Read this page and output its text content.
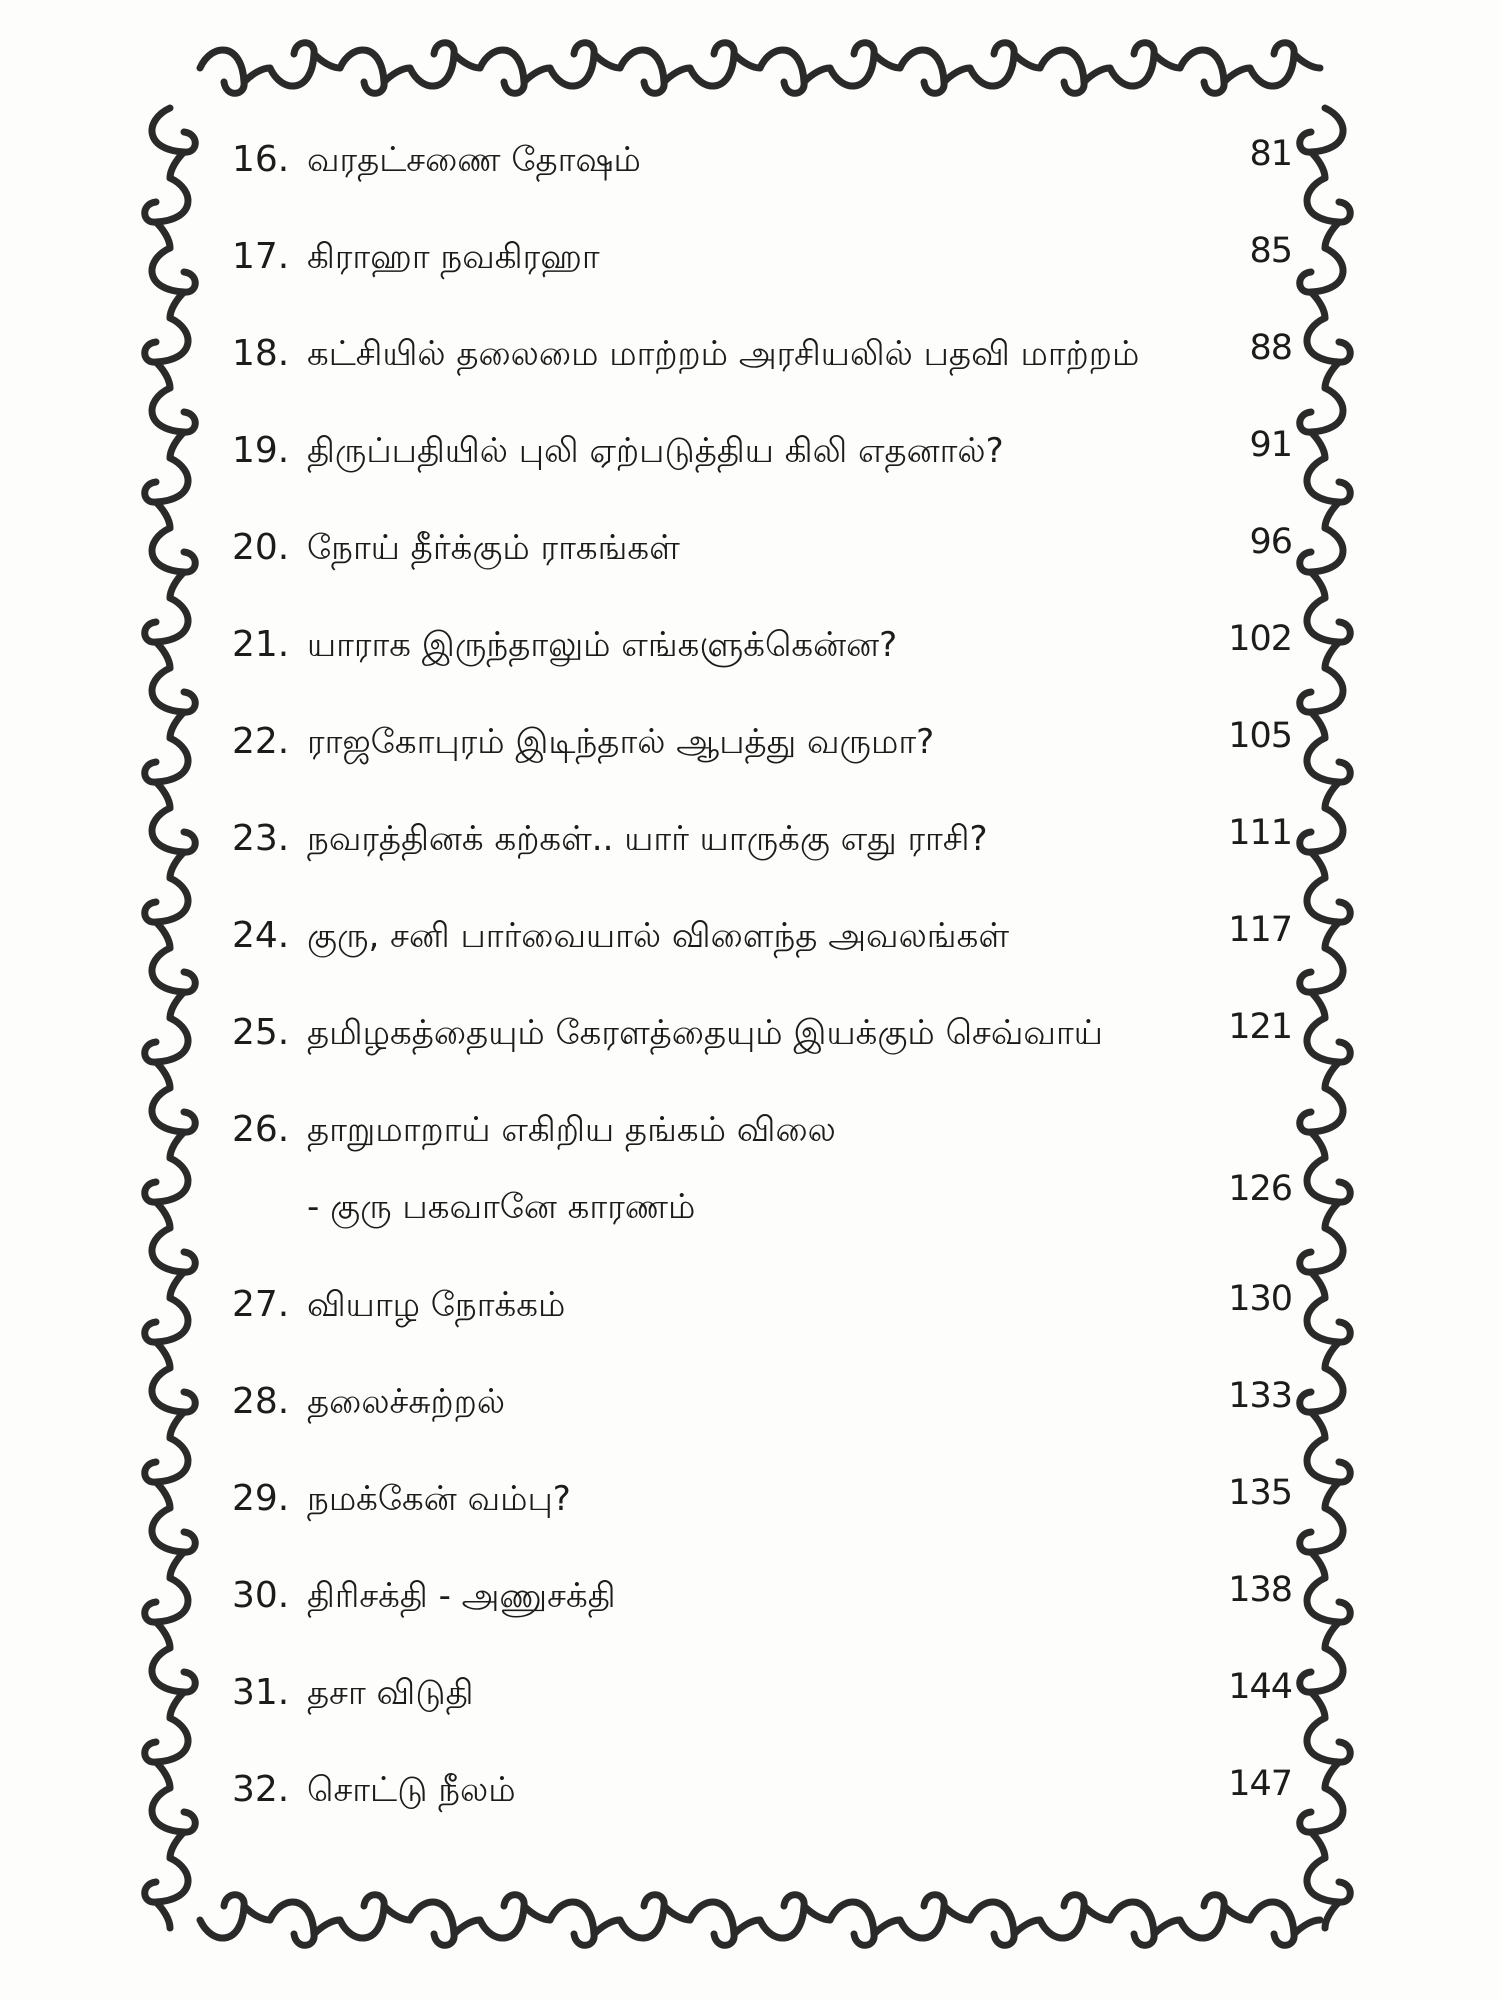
16. வரதட்சணை தோஷம்	81
17. கிராஹா நவகிரஹா	85
18. கட்சியில் தலைமை மாற்றம் அரசியலில் பதவி மாற்றம்	88
19. திருப்பதியில் புலி ஏற்படுத்திய கிலி எதனால்?	91
20. நோய் தீர்க்கும் ராகங்கள்	96
21. யாராக இருந்தாலும் எங்களுக்கென்ன?	102
22. ராஜகோபுரம் இடிந்தால் ஆபத்து வருமா?	105
23. நவரத்தினக் கற்கள்.. யார் யாருக்கு எது ராசி?	111
24. குரு, சனி பார்வையால் விளைந்த அவலங்கள்	117
25. தமிழகத்தையும் கேரளத்தையும் இயக்கும் செவ்வாய்	121
26. தாறுமாறாய் எகிறிய தங்கம் விலை
- குரு பகவானே காரணம்	126
27. வியாழ நோக்கம்	130
28. தலைச்சுற்றல்	133
29. நமக்கேன் வம்பு?	135
30. திரிசக்தி - அணுசக்தி	138
31. தசா விடுதி	144
32. சொட்டு நீலம்	147
